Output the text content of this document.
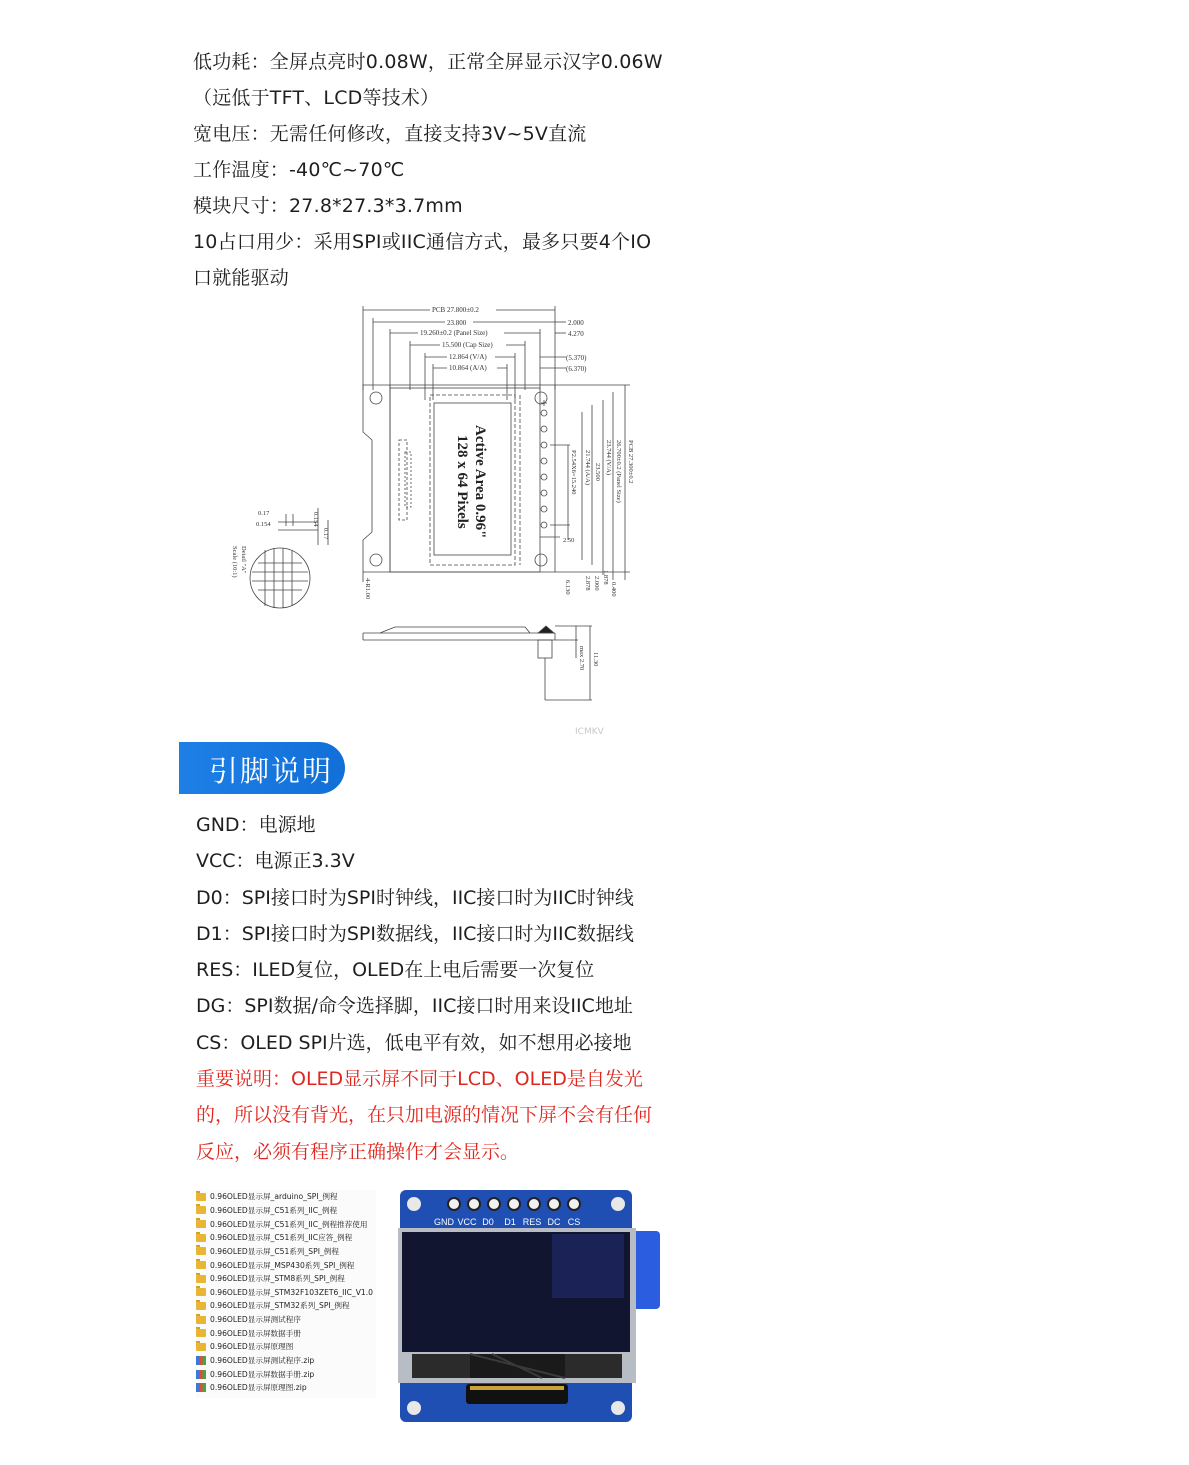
低功耗：全屏点亮时0.08W，正常全屏显示汉字0.06W
（远低于TFT、LCD等技术）
宽电压：无需任何修改，直接支持3V~5V直流
工作温度：-40℃~70℃
模块尺寸：27.8*27.3*3.7mm
10占口用少：采用SPI或IIC通信方式，最多只要4个IO
口就能驱动
PCB 27.800±0.2
23.800
19.260±0.2 (Panel Size)
15.500 (Cap Size)
12.864 (V/A)
10.864 (A/A)
2.000
4.270
(5.370)
(6.370)
Active Area 0.96"
128 x 64 Pixels	PCB 27.300±0.2
26.700±0.2 (Panel Size)
23.744 (V/A)
23.500
21.744 (A/A)
P2.54X6=15.240
2.50
0.400
1.878
2.000
2.878
6.130
4-R1.00
0.17
0.154	0.154
0.17
Detail "A"
Scale (10:1)
11.30
max 2.70
ICMKV
引脚说明
GND：电源地
VCC：电源正3.3V
D0：SPI接口时为SPI时钟线，IIC接口时为IIC时钟线
D1：SPI接口时为SPI数据线，IIC接口时为IIC数据线
RES：ILED复位，OLED在上电后需要一次复位
DG：SPI数据/命令选择脚，IIC接口时用来设IIC地址
CS：OLED SPI片选，低电平有效，如不想用必接地
重要说明：OLED显示屏不同于LCD、OLED是自发光
的，所以没有背光，在只加电源的情况下屏不会有任何
反应，必须有程序正确操作才会显示。
0.96OLED显示屏_arduino_SPI_例程
0.96OLED显示屏_C51系列_IIC_例程
0.96OLED显示屏_C51系列_IIC_例程推荐使用
0.96OLED显示屏_C51系列_IIC应答_例程
0.96OLED显示屏_C51系列_SPI_例程
0.96OLED显示屏_MSP430系列_SPI_例程
0.96OLED显示屏_STM8系列_SPI_例程
0.96OLED显示屏_STM32F103ZET6_IIC_V1.0
0.96OLED显示屏_STM32系列_SPI_例程
0.96OLED显示屏测试程序
0.96OLED显示屏数据手册
0.96OLED显示屏原理图
0.96OLED显示屏测试程序.zip
0.96OLED显示屏数据手册.zip
0.96OLED显示屏原理图.zip
GND VCC D0 D1 RES DC CS
